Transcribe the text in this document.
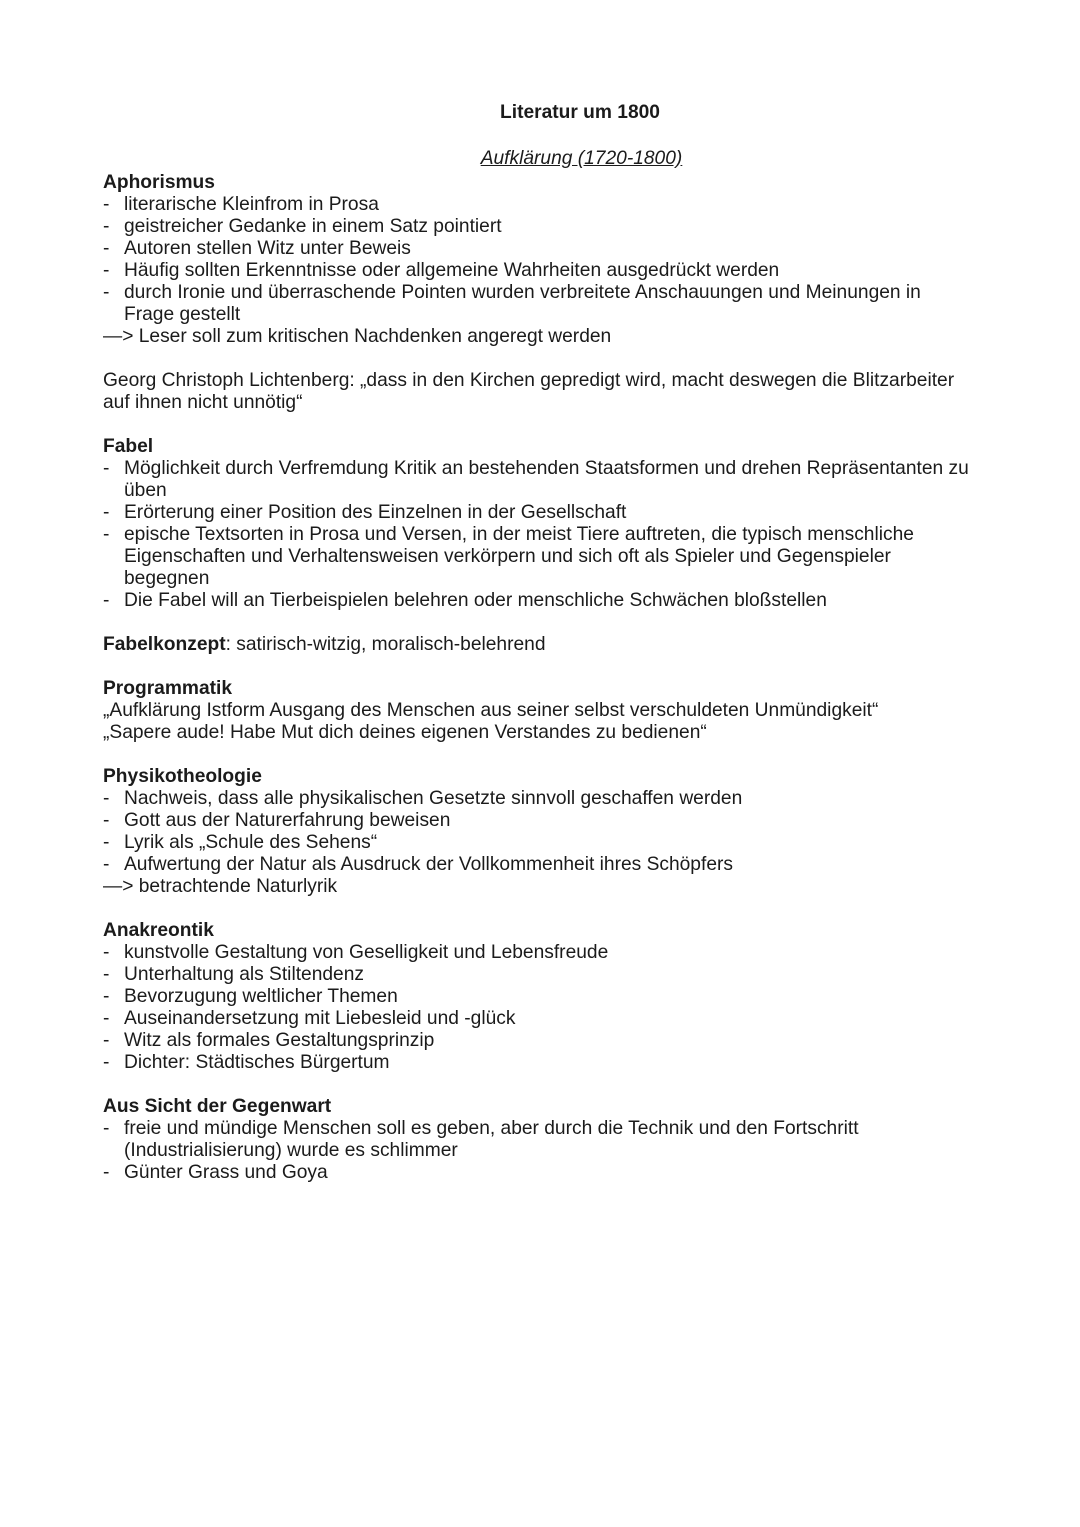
Literatur um 1800
Aufklärung (1720-1800)
Aphorismus
- literarische Kleinfrom in Prosa
- geistreicher Gedanke in einem Satz pointiert
- Autoren stellen Witz unter Beweis
- Häufig sollten Erkenntnisse oder allgemeine Wahrheiten ausgedrückt werden
- durch Ironie und überraschende Pointen wurden verbreitete Anschauungen und Meinungen in Frage gestellt
—> Leser soll zum kritischen Nachdenken angeregt werden
Georg Christoph Lichtenberg: „dass in den Kirchen gepredigt wird, macht deswegen die Blitzarbeiter auf ihnen nicht unnötig“
Fabel
- Möglichkeit durch Verfremdung Kritik an bestehenden Staatsformen und drehen Repräsentanten zu üben
- Erörterung einer Position des Einzelnen in der Gesellschaft
- epische Textsorten in Prosa und Versen, in der meist Tiere auftreten, die typisch menschliche Eigenschaften und Verhaltensweisen verkörpern und sich oft als Spieler und Gegenspieler begegnen
- Die Fabel will an Tierbeispielen belehren oder menschliche Schwächen bloßstellen
Fabelkonzept: satirisch-witzig, moralisch-belehrend
Programmatik
„Aufklärung Istform Ausgang des Menschen aus seiner selbst verschuldeten Unmündigkeit“
„Sapere aude! Habe Mut dich deines eigenen Verstandes zu bedienen“
Physikotheologie
- Nachweis, dass alle physikalischen Gesetzte sinnvoll geschaffen werden
- Gott aus der Naturerfahrung beweisen
- Lyrik als „Schule des Sehens“
- Aufwertung der Natur als Ausdruck der Vollkommenheit ihres Schöpfers
—> betrachtende Naturlyrik
Anakreontik
- kunstvolle Gestaltung von Geselligkeit und Lebensfreude
- Unterhaltung als Stiltendenz
- Bevorzugung weltlicher Themen
- Auseinandersetzung mit Liebesleid und -glück
- Witz als formales Gestaltungsprinzip
- Dichter: Städtisches Bürgertum
Aus Sicht der Gegenwart
- freie und mündige Menschen soll es geben, aber durch die Technik und den Fortschritt (Industrialisierung) wurde es schlimmer
- Günter Grass und Goya
